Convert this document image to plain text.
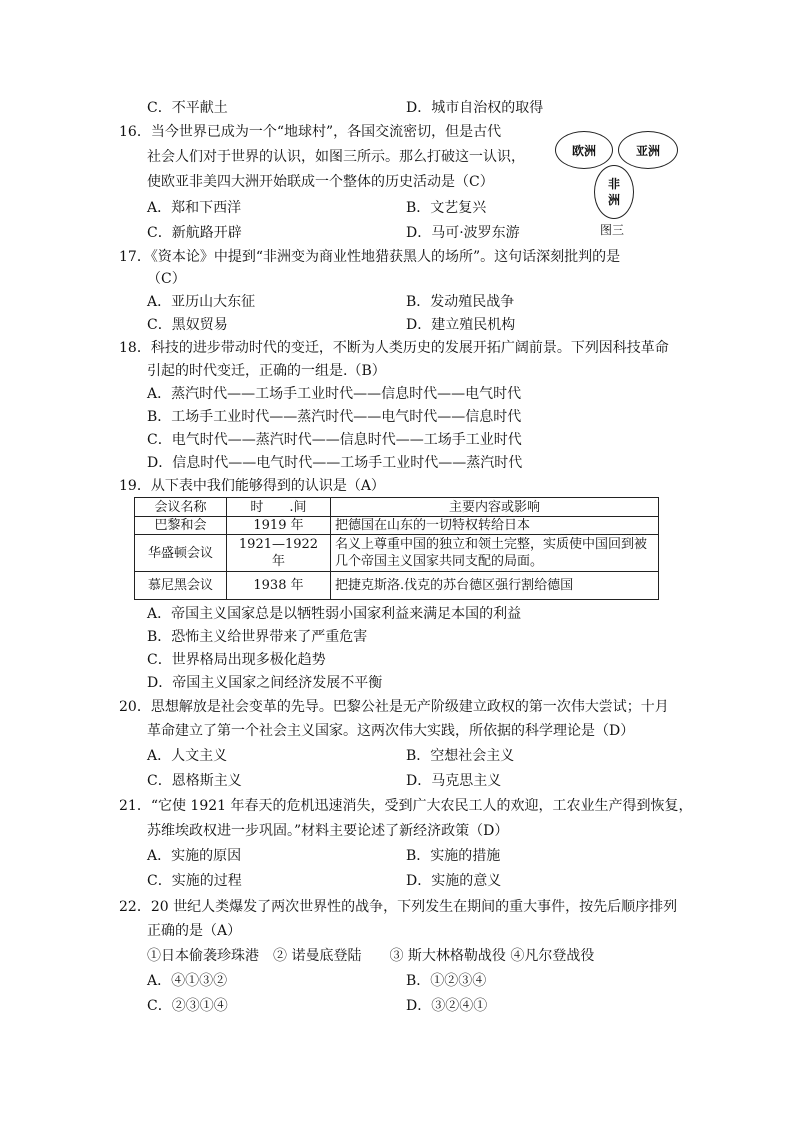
C．不平献土	D．城市自治权的取得
16．当今世界已成为一个“地球村”，各国交流密切，但是古代
社会人们对于世界的认识，如图三所示。那么打破这一认识，
使欧亚非美四大洲开始联成一个整体的历史活动是（C）
A．郑和下西洋	B．文艺复兴
C．新航路开辟	D．马可·波罗东游
欧洲	亚洲
非
洲
图三
17．《资本论》中提到“非洲变为商业性地猎获黑人的场所”。这句话深刻批判的是
（C）
A．亚历山大东征	B．发动殖民战争
C．黑奴贸易	D．建立殖民机构
18．科技的进步带动时代的变迁，不断为人类历史的发展开拓广阔前景。下列因科技革命
引起的时代变迁，正确的一组是.（B）
A．蒸汽时代——工场手工业时代——信息时代——电气时代
B．工场手工业时代——蒸汽时代——电气时代——信息时代
C．电气时代——蒸汽时代——信息时代——工场手工业时代
D．信息时代——电气时代——工场手工业时代——蒸汽时代
19．从下表中我们能够得到的认识是（A）
会议名称	时　　.间	主要内容或影响
巴黎和会	1919 年	把德国在山东的一切特权转给日本
华盛顿会议	1921—1922 年	名义上尊重中国的独立和领土完整，实质使中国回到被几个帝国主义国家共同支配的局面。
慕尼黑会议	1938 年	把捷克斯洛.伐克的苏台德区强行割给德国
A．帝国主义国家总是以牺牲弱小国家利益来满足本国的利益
B．恐怖主义给世界带来了严重危害
C．世界格局出现多极化趋势
D．帝国主义国家之间经济发展不平衡
20．思想解放是社会变革的先导。巴黎公社是无产阶级建立政权的第一次伟大尝试；十月
革命建立了第一个社会主义国家。这两次伟大实践，所依据的科学理论是（D）
A．人文主义	B．空想社会主义
C．恩格斯主义	D．马克思主义
21．“它使 1921 年春天的危机迅速消失，受到广大农民工人的欢迎，工农业生产得到恢复，
苏维埃政权进一步巩固。”材料主要论述了新经济政策（D）
A．实施的原因	B．实施的措施
C．实施的过程	D．实施的意义
22．20 世纪人类爆发了两次世界性的战争，下列发生在期间的重大事件，按先后顺序排列
正确的是（A）
①日本偷袭珍珠港　② 诺曼底登陆　　③ 斯大林格勒战役 ④凡尔登战役
A．④①③②	B．①②③④
C．②③①④	D．③②④①
